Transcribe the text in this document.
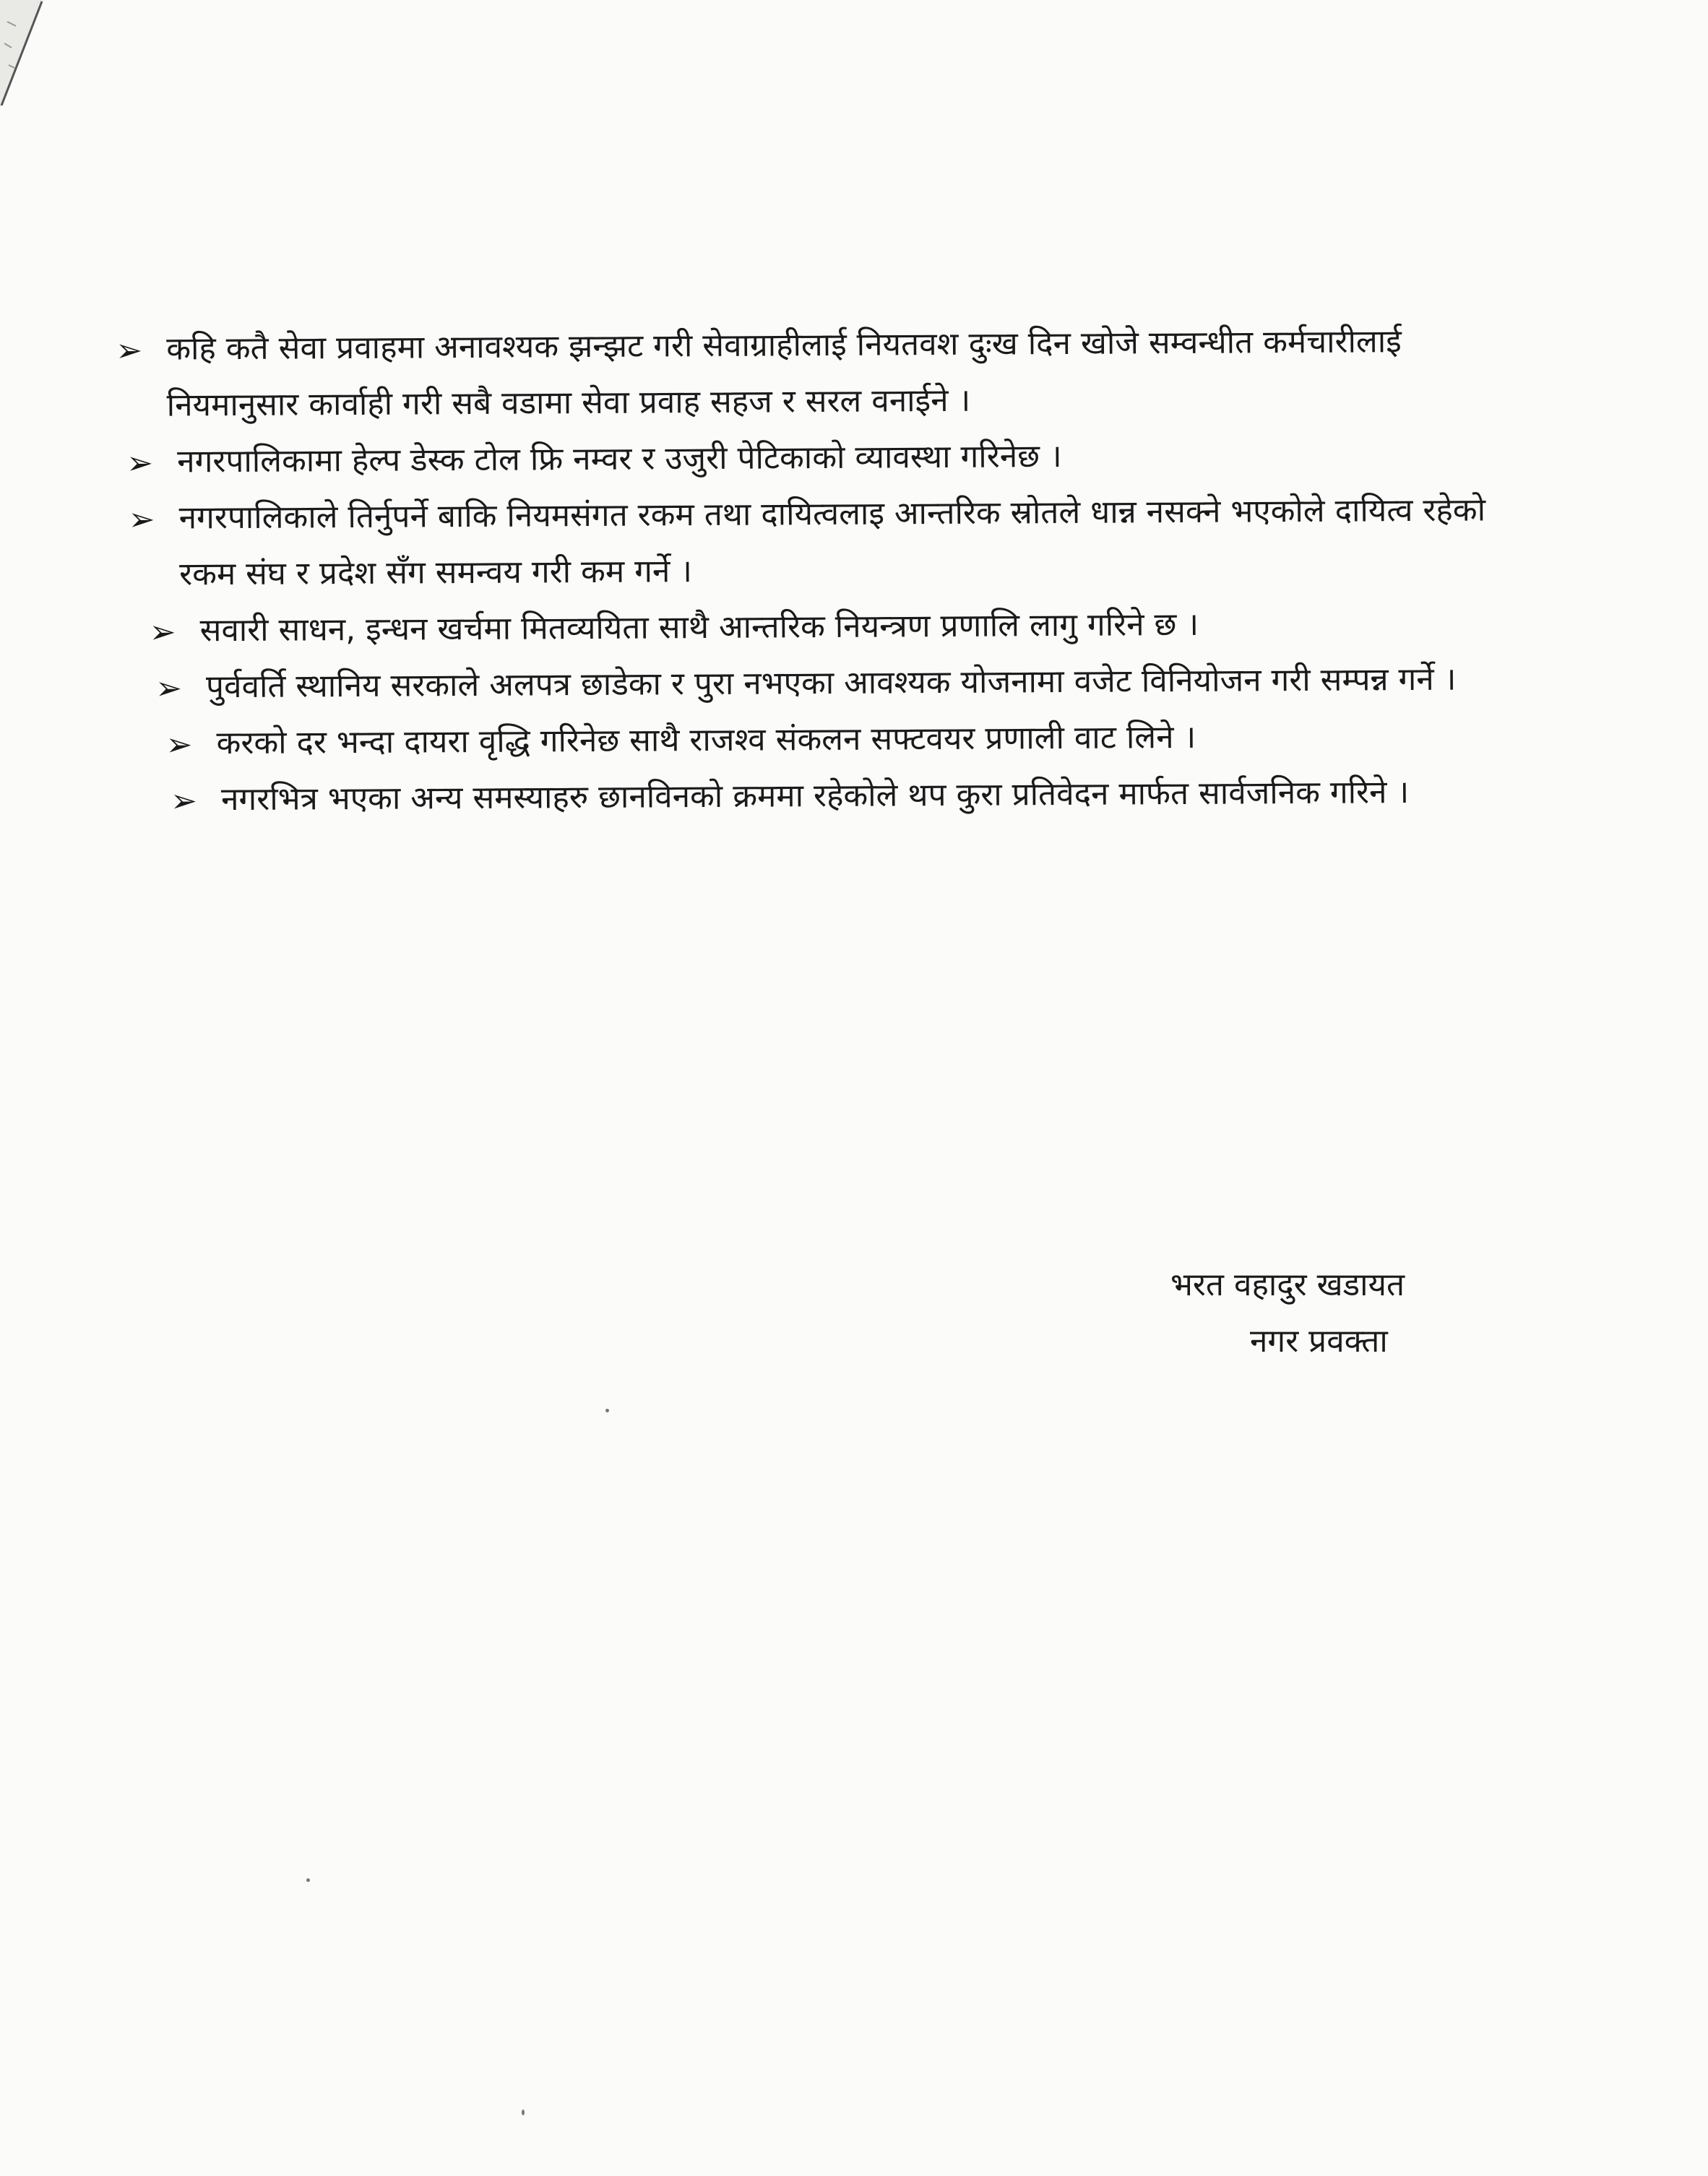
➢ कहि कतै सेवा प्रवाहमा अनावश्यक झन्झट गरी सेवाग्राहीलाई नियतवश दुःख दिन खोजे सम्वन्धीत कर्मचारीलाई नियमानुसार कार्वाही गरी सबै वडामा सेवा प्रवाह सहज र सरल वनाईने ।

➢ नगरपालिकामा हेल्प डेस्क टोल फ्रि नम्वर र उजुरी पेटिकाको व्यावस्था गरिनेछ ।

➢ नगरपालिकाले तिर्नुपर्ने बाकि नियमसंगत रकम तथा दायित्वलाइ आन्तरिक स्रोतले धान्न नसक्ने भएकोले दायित्व रहेको रकम संघ र प्रदेश सँग समन्वय गरी कम गर्ने ।

➢ सवारी साधन, इन्धन खर्चमा मितव्ययिता साथै आन्तरिक नियन्त्रण प्रणालि लागु गरिने छ ।

➢ पुर्ववर्ति स्थानिय सरकाले अलपत्र छाडेका र पुरा नभएका आवश्यक योजनामा वजेट विनियोजन गरी सम्पन्न गर्ने ।

➢ करको दर भन्दा दायरा वृद्धि गरिनेछ साथै राजश्व संकलन सफ्टवयर प्रणाली वाट लिने ।

➢ नगरभित्र भएका अन्य समस्याहरु छानविनको क्रममा रहेकोले थप कुरा प्रतिवेदन मार्फत सार्वजनिक गरिने ।

भरत वहादुर खडायत
नगर प्रवक्ता
